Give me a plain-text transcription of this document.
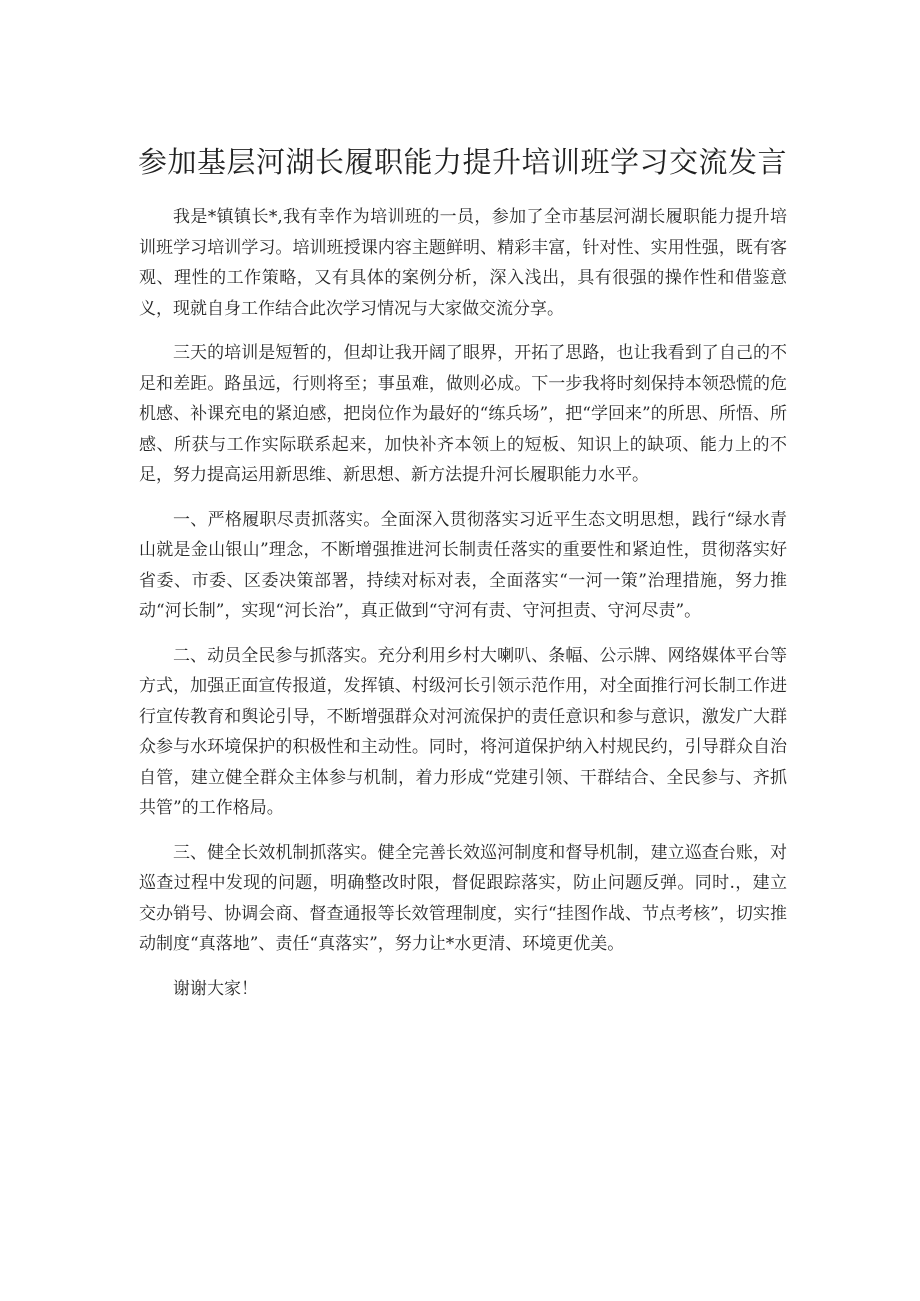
参加基层河湖长履职能力提升培训班学习交流发言

我是*镇镇长*,我有幸作为培训班的一员，参加了全市基层河湖长履职能力提升培训班学习培训学习。培训班授课内容主题鲜明、精彩丰富，针对性、实用性强，既有客观、理性的工作策略，又有具体的案例分析，深入浅出，具有很强的操作性和借鉴意义，现就自身工作结合此次学习情况与大家做交流分享。

三天的培训是短暂的，但却让我开阔了眼界，开拓了思路，也让我看到了自己的不足和差距。路虽远，行则将至；事虽难，做则必成。下一步我将时刻保持本领恐慌的危机感、补课充电的紧迫感，把岗位作为最好的“练兵场”，把“学回来”的所思、所悟、所感、所获与工作实际联系起来，加快补齐本领上的短板、知识上的缺项、能力上的不足，努力提高运用新思维、新思想、新方法提升河长履职能力水平。

一、严格履职尽责抓落实。全面深入贯彻落实习近平生态文明思想，践行“绿水青山就是金山银山”理念，不断增强推进河长制责任落实的重要性和紧迫性，贯彻落实好省委、市委、区委决策部署，持续对标对表，全面落实“一河一策”治理措施，努力推动“河长制”，实现“河长治”，真正做到“守河有责、守河担责、守河尽责”。

二、动员全民参与抓落实。充分利用乡村大喇叭、条幅、公示牌、网络媒体平台等方式，加强正面宣传报道，发挥镇、村级河长引领示范作用，对全面推行河长制工作进行宣传教育和舆论引导，不断增强群众对河流保护的责任意识和参与意识，激发广大群众参与水环境保护的积极性和主动性。同时，将河道保护纳入村规民约，引导群众自治自管，建立健全群众主体参与机制，着力形成“党建引领、干群结合、全民参与、齐抓共管”的工作格局。

三、健全长效机制抓落实。健全完善长效巡河制度和督导机制，建立巡查台账，对巡查过程中发现的问题，明确整改时限，督促跟踪落实，防止问题反弹。同时.，建立交办销号、协调会商、督查通报等长效管理制度，实行“挂图作战、节点考核”，切实推动制度“真落地”、责任“真落实”，努力让*水更清、环境更优美。

谢谢大家！
